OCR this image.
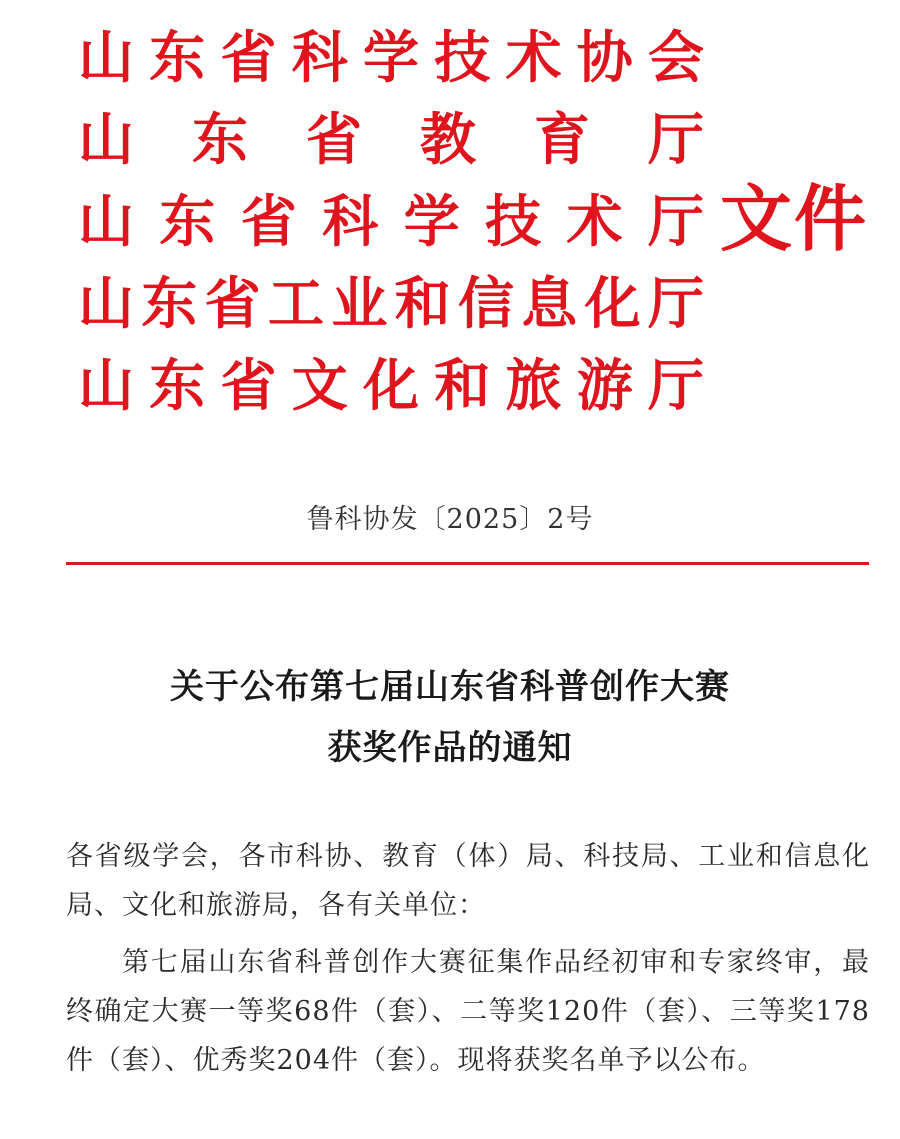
山 东 省 科 学 技 术 协 会
山 东 省 教 育 厅
山 东 省 科 学 技 术 厅
山 东 省 工 业 和 信 息 化 厅
山 东 省 文 化 和 旅 游 厅
文件
鲁科协发〔2025〕2号
关于公布第七届山东省科普创作大赛
获奖作品的通知
各省级学会，各市科协、教育（体）局、科技局、工业和信息化局、文化和旅游局，各有关单位：
第七届山东省科普创作大赛征集作品经初审和专家终审，最终确定大赛一等奖68件（套）、二等奖120件（套）、三等奖178件（套）、优秀奖204件（套）。现将获奖名单予以公布。
